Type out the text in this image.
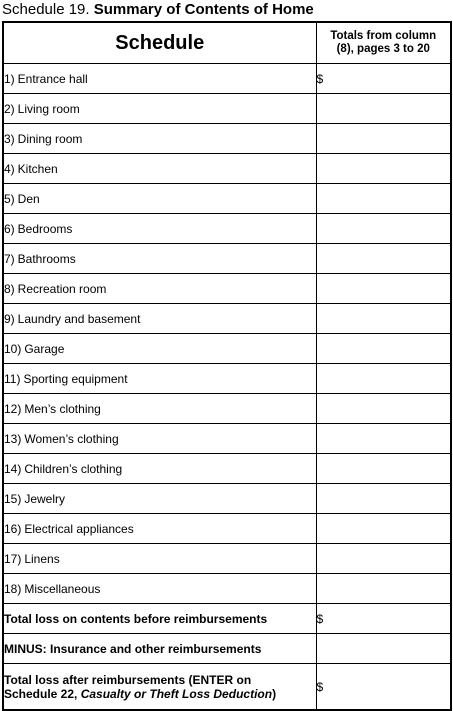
Schedule 19. Summary of Contents of Home
Schedule	Totals from column
(8), pages 3 to 20
1) Entrance hall	$
2) Living room	
3) Dining room	
4) Kitchen	
5) Den	
6) Bedrooms	
7) Bathrooms	
8) Recreation room	
9) Laundry and basement	
10) Garage	
11) Sporting equipment	
12) Men’s clothing	
13) Women’s clothing	
14) Children’s clothing	
15) Jewelry	
16) Electrical appliances	
17) Linens	
18) Miscellaneous	
Total loss on contents before reimbursements	$
MINUS: Insurance and other reimbursements	
Total loss after reimbursements (ENTER on
Schedule 22, Casualty or Theft Loss Deduction)	$
